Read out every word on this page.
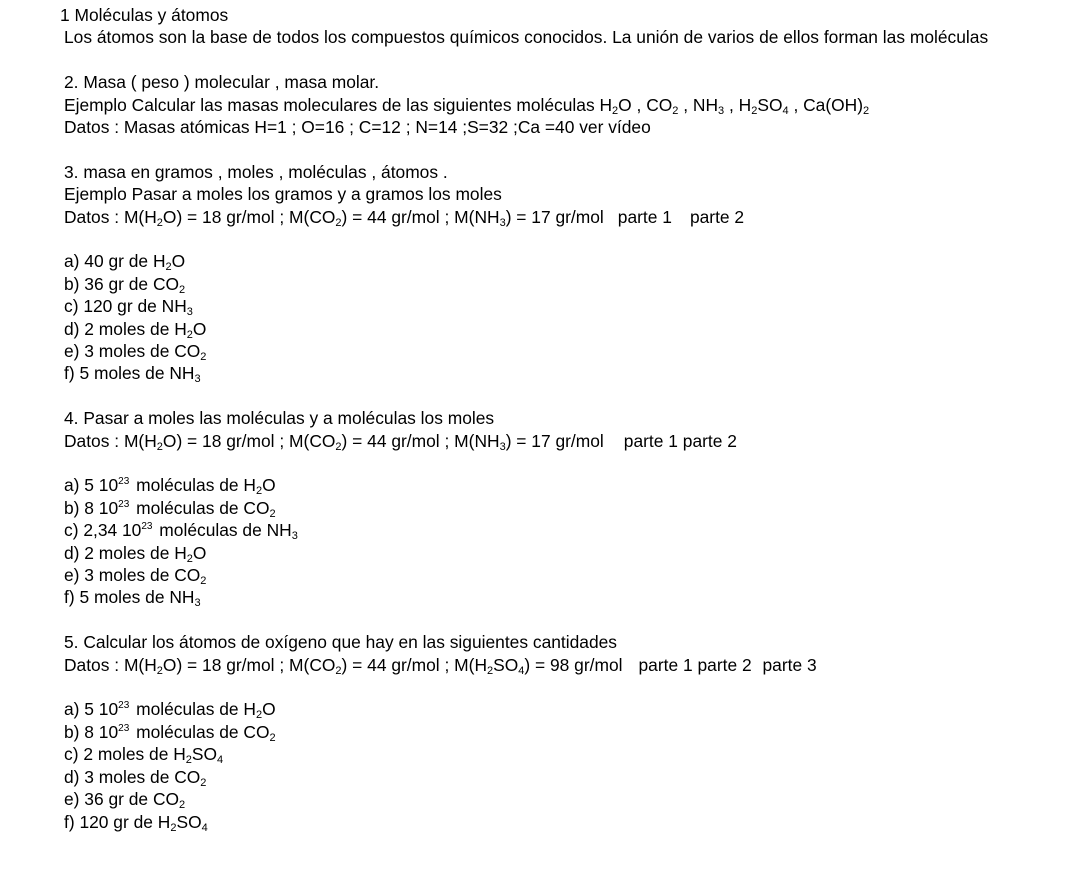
1 Moléculas y átomos
Los átomos son la base de todos los compuestos químicos conocidos. La unión de varios de ellos forman las moléculas
2. Masa ( peso ) molecular , masa molar.
Ejemplo Calcular las masas moleculares de las siguientes moléculas $H_2O$ , $CO_2$ , $NH_3$ , $H_2SO_4$ , $Ca(OH)_2$
Datos : Masas atómicas H=1 ; O=16 ; C=12 ; N=14 ;S=32 ;Ca =40 ver vídeo
3. masa en gramos , moles , moléculas , átomos .
Ejemplo Pasar a moles los gramos y a gramos los moles
Datos : $M(H_2O) = 18$ gr/mol ; $M(CO_2) = 44$ gr/mol ; $M(NH_3) = 17$ gr/mol parte 1 parte 2
a) 40 gr de $H_2O$
b) 36 gr de $CO_2$
c) 120 gr de $NH_3$
d) 2 moles de $H_2O$
e) 3 moles de $CO_2$
f) 5 moles de $NH_3$
4. Pasar a moles las moléculas y a moléculas los moles
Datos : $M(H_2O) = 18$ gr/mol ; $M(CO_2) = 44$ gr/mol ; $M(NH_3) = 17$ gr/mol parte 1 parte 2
a) 5 $10^{23}$ moléculas de $H_2O$
b) 8 $10^{23}$ moléculas de $CO_2$
c) 2,34 $10^{23}$ moléculas de $NH_3$
d) 2 moles de $H_2O$
e) 3 moles de $CO_2$
f) 5 moles de $NH_3$
5. Calcular los átomos de oxígeno que hay en las siguientes cantidades
Datos : $M(H_2O) = 18$ gr/mol ; $M(CO_2) = 44$ gr/mol ; $M(H_2SO_4) = 98$ gr/mol parte 1 parte 2 parte 3
a) 5 $10^{23}$ moléculas de $H_2O$
b) 8 $10^{23}$ moléculas de $CO_2$
c) 2 moles de $H_2SO_4$
d) 3 moles de $CO_2$
e) 36 gr de $CO_2$
f) 120 gr de $H_2SO_4$
